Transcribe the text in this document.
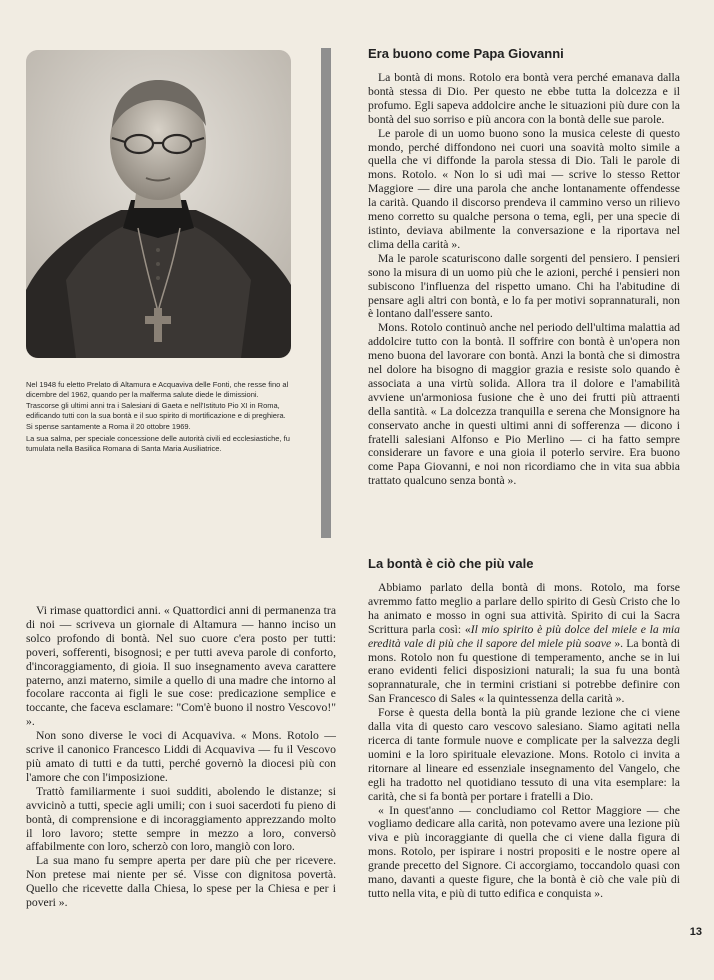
Nel 1948 fu eletto Prelato di Altamura e Acquaviva delle Fonti, che resse fino al dicembre del 1962, quando per la malferma salute diede le dimissioni.

Trascorse gli ultimi anni tra i Salesiani di Gaeta e nell'Istituto Pio XI in Roma, edificando tutti con la sua bontà e il suo spirito di mortificazione e di preghiera.

Si spense santamente a Roma il 20 ottobre 1969.

La sua salma, per speciale concessione delle autorità civili ed ecclesiastiche, fu tumulata nella Basilica Romana di Santa Maria Ausiliatrice.

Era buono come Papa Giovanni

La bontà di mons. Rotolo era bontà vera perché emanava dalla bontà stessa di Dio. Per questo ne ebbe tutta la dolcezza e il profumo. Egli sapeva addolcire anche le situazioni più dure con la bontà del suo sorriso e più ancora con la bontà delle sue parole.

Le parole di un uomo buono sono la musica celeste di questo mondo, perché diffondono nei cuori una soavità molto simile a quella che vi diffonde la parola stessa di Dio. Tali le parole di mons. Rotolo. « Non lo si udì mai — scrive lo stesso Rettor Maggiore — dire una parola che anche lontanamente offendesse la carità. Quando il discorso prendeva il cammino verso un rilievo meno corretto su qualche persona o tema, egli, per una specie di istinto, deviava abilmente la conversazione e la riportava nel clima della carità ».

Ma le parole scaturiscono dalle sorgenti del pensiero. I pensieri sono la misura di un uomo più che le azioni, perché i pensieri non subiscono l'influenza del rispetto umano. Chi ha l'abitudine di pensare agli altri con bontà, e lo fa per motivi soprannaturali, non è lontano dall'essere santo.

Mons. Rotolo continuò anche nel periodo dell'ultima malattia ad addolcire tutto con la bontà. Il soffrire con bontà è un'opera non meno buona del lavorare con bontà. Anzi la bontà che si dimostra nel dolore ha bisogno di maggior grazia e resiste solo quando è associata a una virtù solida. Allora tra il dolore e l'amabilità avviene un'armoniosa fusione che è uno dei frutti più attraenti della santità. « La dolcezza tranquilla e serena che Monsignore ha conservato anche in questi ultimi anni di sofferenza — dicono i fratelli salesiani Alfonso e Pio Merlino — ci ha fatto sempre considerare un favore e una gioia il poterlo servire. Era buono come Papa Giovanni, e noi non ricordiamo che in vita sua abbia trattato qualcuno senza bontà ».

La bontà è ciò che più vale

Abbiamo parlato della bontà di mons. Rotolo, ma forse avremmo fatto meglio a parlare dello spirito di Gesù Cristo che lo ha animato e mosso in ogni sua attività. Spirito di cui la Sacra Scrittura parla così: «Il mio spirito è più dolce del miele e la mia eredità vale di più che il sapore del miele più soave ». La bontà di mons. Rotolo non fu questione di temperamento, anche se in lui erano evidenti felici disposizioni naturali; la sua fu una bontà soprannaturale, che in termini cristiani si potrebbe definire con San Francesco di Sales « la quintessenza della carità ».

Forse è questa della bontà la più grande lezione che ci viene dalla vita di questo caro vescovo salesiano. Siamo agitati nella ricerca di tante formule nuove e complicate per la salvezza degli uomini e la loro spirituale elevazione. Mons. Rotolo ci invita a ritornare al lineare ed essenziale insegnamento del Vangelo, che egli ha tradotto nel quotidiano tessuto di una vita esemplare: la carità, che si fa bontà per portare i fratelli a Dio.

« In quest'anno — concludiamo col Rettor Maggiore — che vogliamo dedicare alla carità, non potevamo avere una lezione più viva e più incoraggiante di quella che ci viene dalla figura di mons. Rotolo, per ispirare i nostri propositi e le nostre opere al grande precetto del Signore. Ci accorgiamo, toccandolo quasi con mano, davanti a queste figure, che la bontà è ciò che vale più di tutto nella vita, e più di tutto edifica e conquista ».

Vi rimase quattordici anni. « Quattordici anni di permanenza tra di noi — scriveva un giornale di Altamura — hanno inciso un solco profondo di bontà. Nel suo cuore c'era posto per tutti: poveri, sofferenti, bisognosi; e per tutti aveva parole di conforto, d'incoraggiamento, di gioia. Il suo insegnamento aveva carattere paterno, anzi materno, simile a quello di una madre che intorno al focolare racconta ai figli le sue cose: predicazione semplice e toccante, che faceva esclamare: "Com'è buono il nostro Vescovo!" ».

Non sono diverse le voci di Acquaviva. « Mons. Rotolo — scrive il canonico Francesco Liddi di Acquaviva — fu il Vescovo più amato di tutti e da tutti, perché governò la diocesi più con l'amore che con l'imposizione.

Trattò familiarmente i suoi sudditi, abolendo le distanze; si avvicinò a tutti, specie agli umili; con i suoi sacerdoti fu pieno di bontà, di comprensione e di incoraggiamento apprezzando molto il loro lavoro; stette sempre in mezzo a loro, conversò affabilmente con loro, scherzò con loro, mangiò con loro.

La sua mano fu sempre aperta per dare più che per ricevere. Non pretese mai niente per sé. Visse con dignitosa povertà. Quello che ricevette dalla Chiesa, lo spese per la Chiesa e per i poveri ».

13
